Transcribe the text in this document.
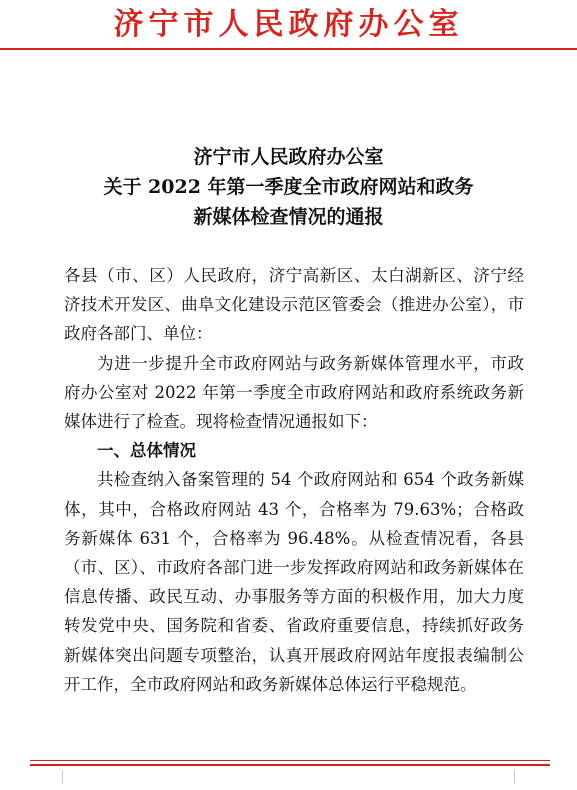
济宁市人民政府办公室
济宁市人民政府办公室
关于 2022 年第一季度全市政府网站和政务
新媒体检查情况的通报

各县（市、区）人民政府，济宁高新区、太白湖新区、济宁经济技术开发区、曲阜文化建设示范区管委会（推进办公室），市政府各部门、单位：

为进一步提升全市政府网站与政务新媒体管理水平，市政府办公室对 2022 年第一季度全市政府网站和政府系统政务新媒体进行了检查。现将检查情况通报如下：

一、总体情况

共检查纳入备案管理的 54 个政府网站和 654 个政务新媒体，其中，合格政府网站 43 个，合格率为 79.63%；合格政务新媒体 631 个，合格率为 96.48%。从检查情况看，各县（市、区）、市政府各部门进一步发挥政府网站和政务新媒体在信息传播、政民互动、办事服务等方面的积极作用，加大力度转发党中央、国务院和省委、省政府重要信息，持续抓好政务新媒体突出问题专项整治，认真开展政府网站年度报表编制公开工作，全市政府网站和政务新媒体总体运行平稳规范。
